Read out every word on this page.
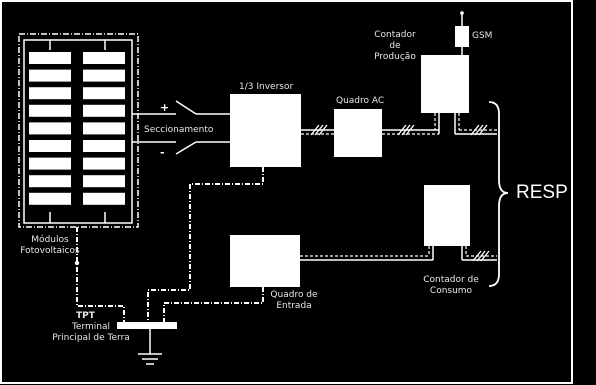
GSM
Contador
de
Produção
1/3 Inversor
Quadro AC
Seccionamento
+
-
Módulos
Fotovoltaicos
RESP
Contador de
Consumo
Quadro de
Entrada
TPT
Terminal
Principal de Terra
